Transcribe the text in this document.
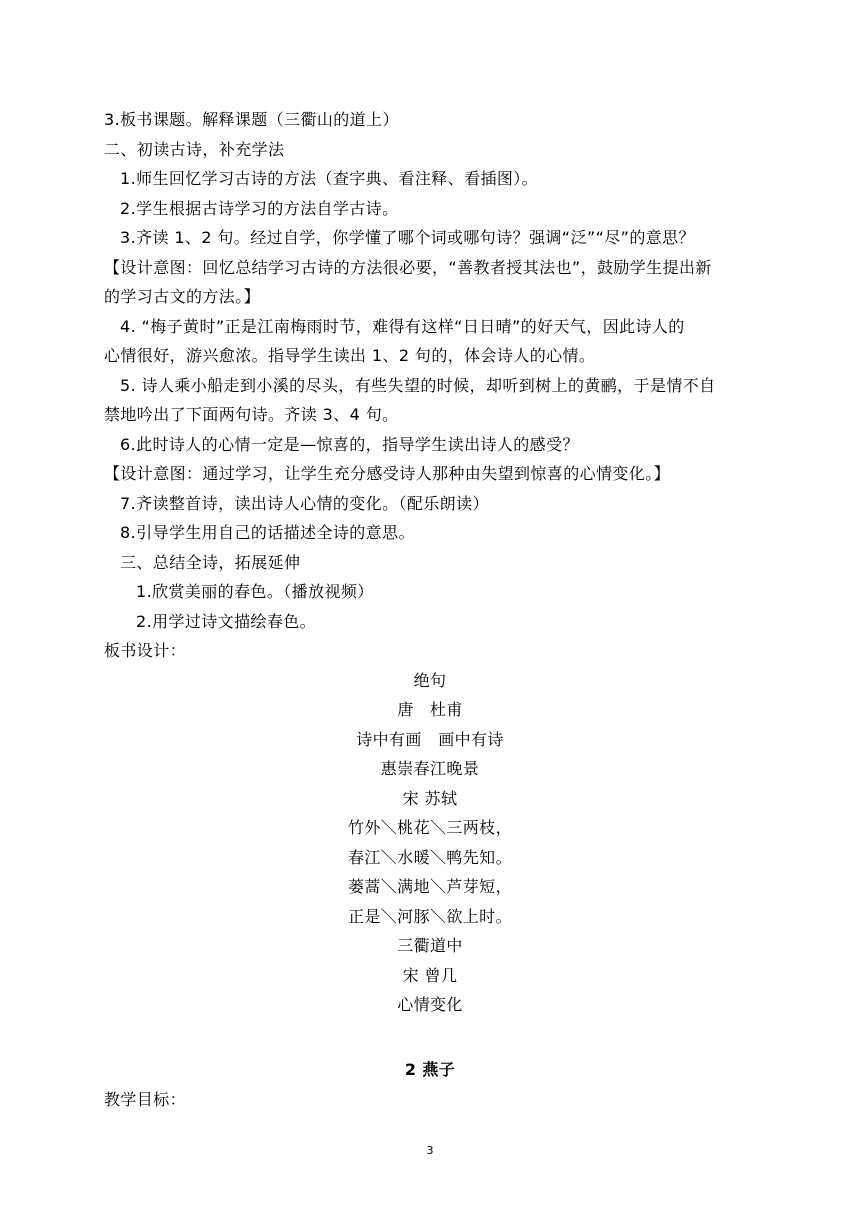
3.板书课题。解释课题（三衢山的道上）
二、初读古诗，补充学法
1.师生回忆学习古诗的方法（查字典、看注释、看插图）。
2.学生根据古诗学习的方法自学古诗。
3.齐读 1、2 句。经过自学，你学懂了哪个词或哪句诗？强调“泛”“尽”的意思？
【设计意图：回忆总结学习古诗的方法很必要，“善教者授其法也”，鼓励学生提出新
的学习古文的方法。】
4. “梅子黄时”正是江南梅雨时节，难得有这样“日日晴”的好天气，因此诗人的
心情很好，游兴愈浓。指导学生读出 1、2 句的，体会诗人的心情。
5. 诗人乘小船走到小溪的尽头，有些失望的时候，却听到树上的黄鹂，于是情不自
禁地吟出了下面两句诗。齐读 3、4 句。
6.此时诗人的心情一定是—惊喜的，指导学生读出诗人的感受？
【设计意图：通过学习，让学生充分感受诗人那种由失望到惊喜的心情变化。】
7.齐读整首诗，读出诗人心情的变化。（配乐朗读）
8.引导学生用自己的话描述全诗的意思。
三、总结全诗，拓展延伸
1.欣赏美丽的春色。（播放视频）
2.用学过诗文描绘春色。
板书设计：
绝句
唐　杜甫
诗中有画　画中有诗
惠崇春江晚景
宋 苏轼
竹外＼桃花＼三两枝，
春江＼水暖＼鸭先知。
蒌蒿＼满地＼芦芽短，
正是＼河豚＼欲上时。
三衢道中
宋 曾几
心情变化
2 燕子
教学目标：
3
